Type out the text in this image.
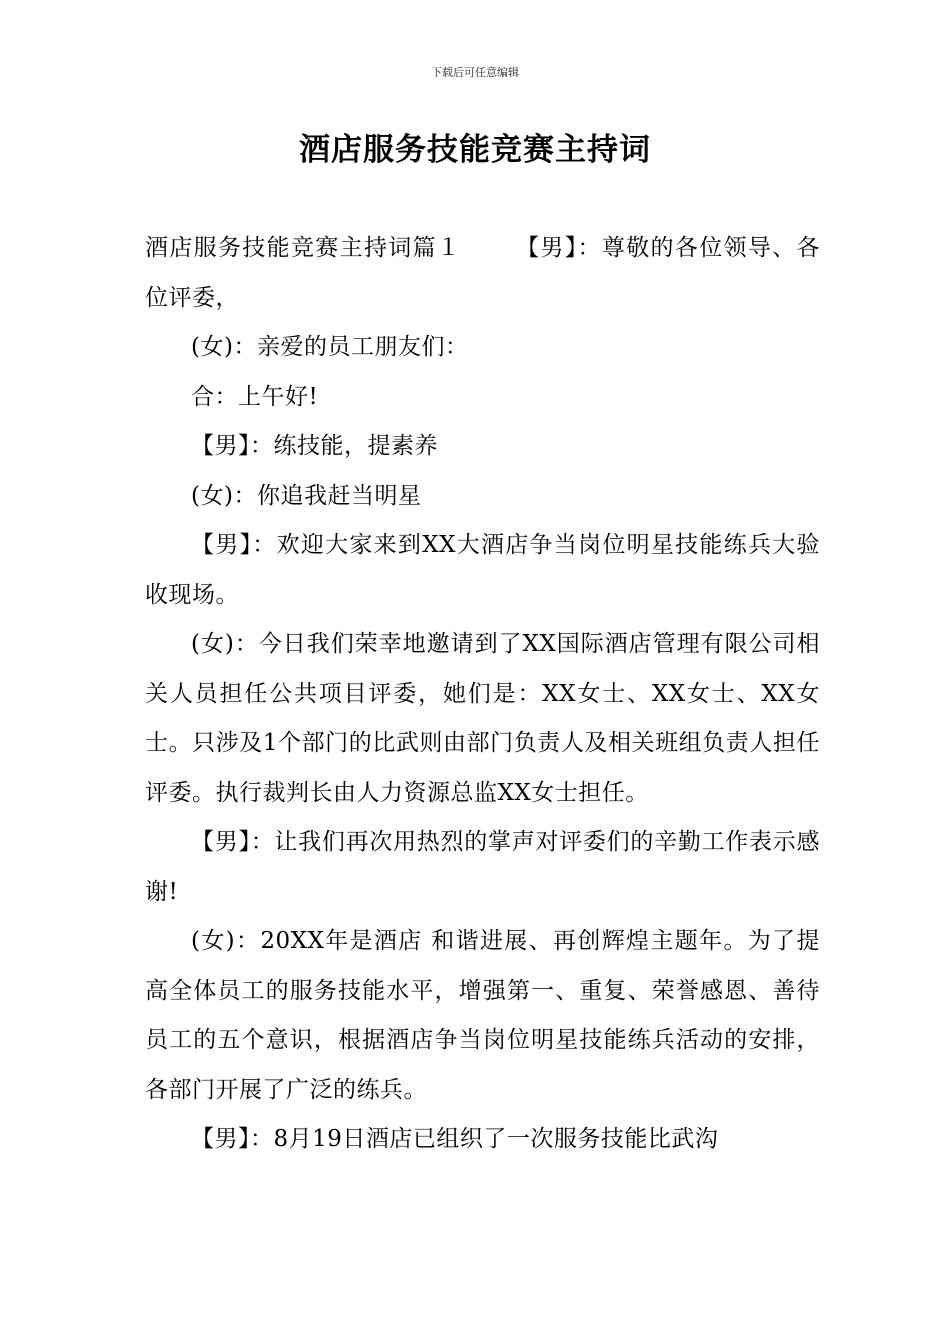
下载后可任意编辑
酒店服务技能竞赛主持词

酒店服务技能竞赛主持词篇１ 【男】：尊敬的各位领导、各位评委，

(女)：亲爱的员工朋友们：

合：上午好!

【男】：练技能，提素养

(女)：你追我赶当明星

【男】：欢迎大家来到XX大酒店争当岗位明星技能练兵大验收现场。

(女)：今日我们荣幸地邀请到了XX国际酒店管理有限公司相关人员担任公共项目评委，她们是：XX女士、XX女士、XX女士。只涉及1个部门的比武则由部门负责人及相关班组负责人担任评委。执行裁判长由人力资源总监XX女士担任。

【男】：让我们再次用热烈的掌声对评委们的辛勤工作表示感谢!

(女)：20XX年是酒店 和谐进展、再创辉煌主题年。为了提高全体员工的服务技能水平，增强第一、重复、荣誉感恩、善待员工的五个意识，根据酒店争当岗位明星技能练兵活动的安排，各部门开展了广泛的练兵。

【男】：8月19日酒店已组织了一次服务技能比武沟
